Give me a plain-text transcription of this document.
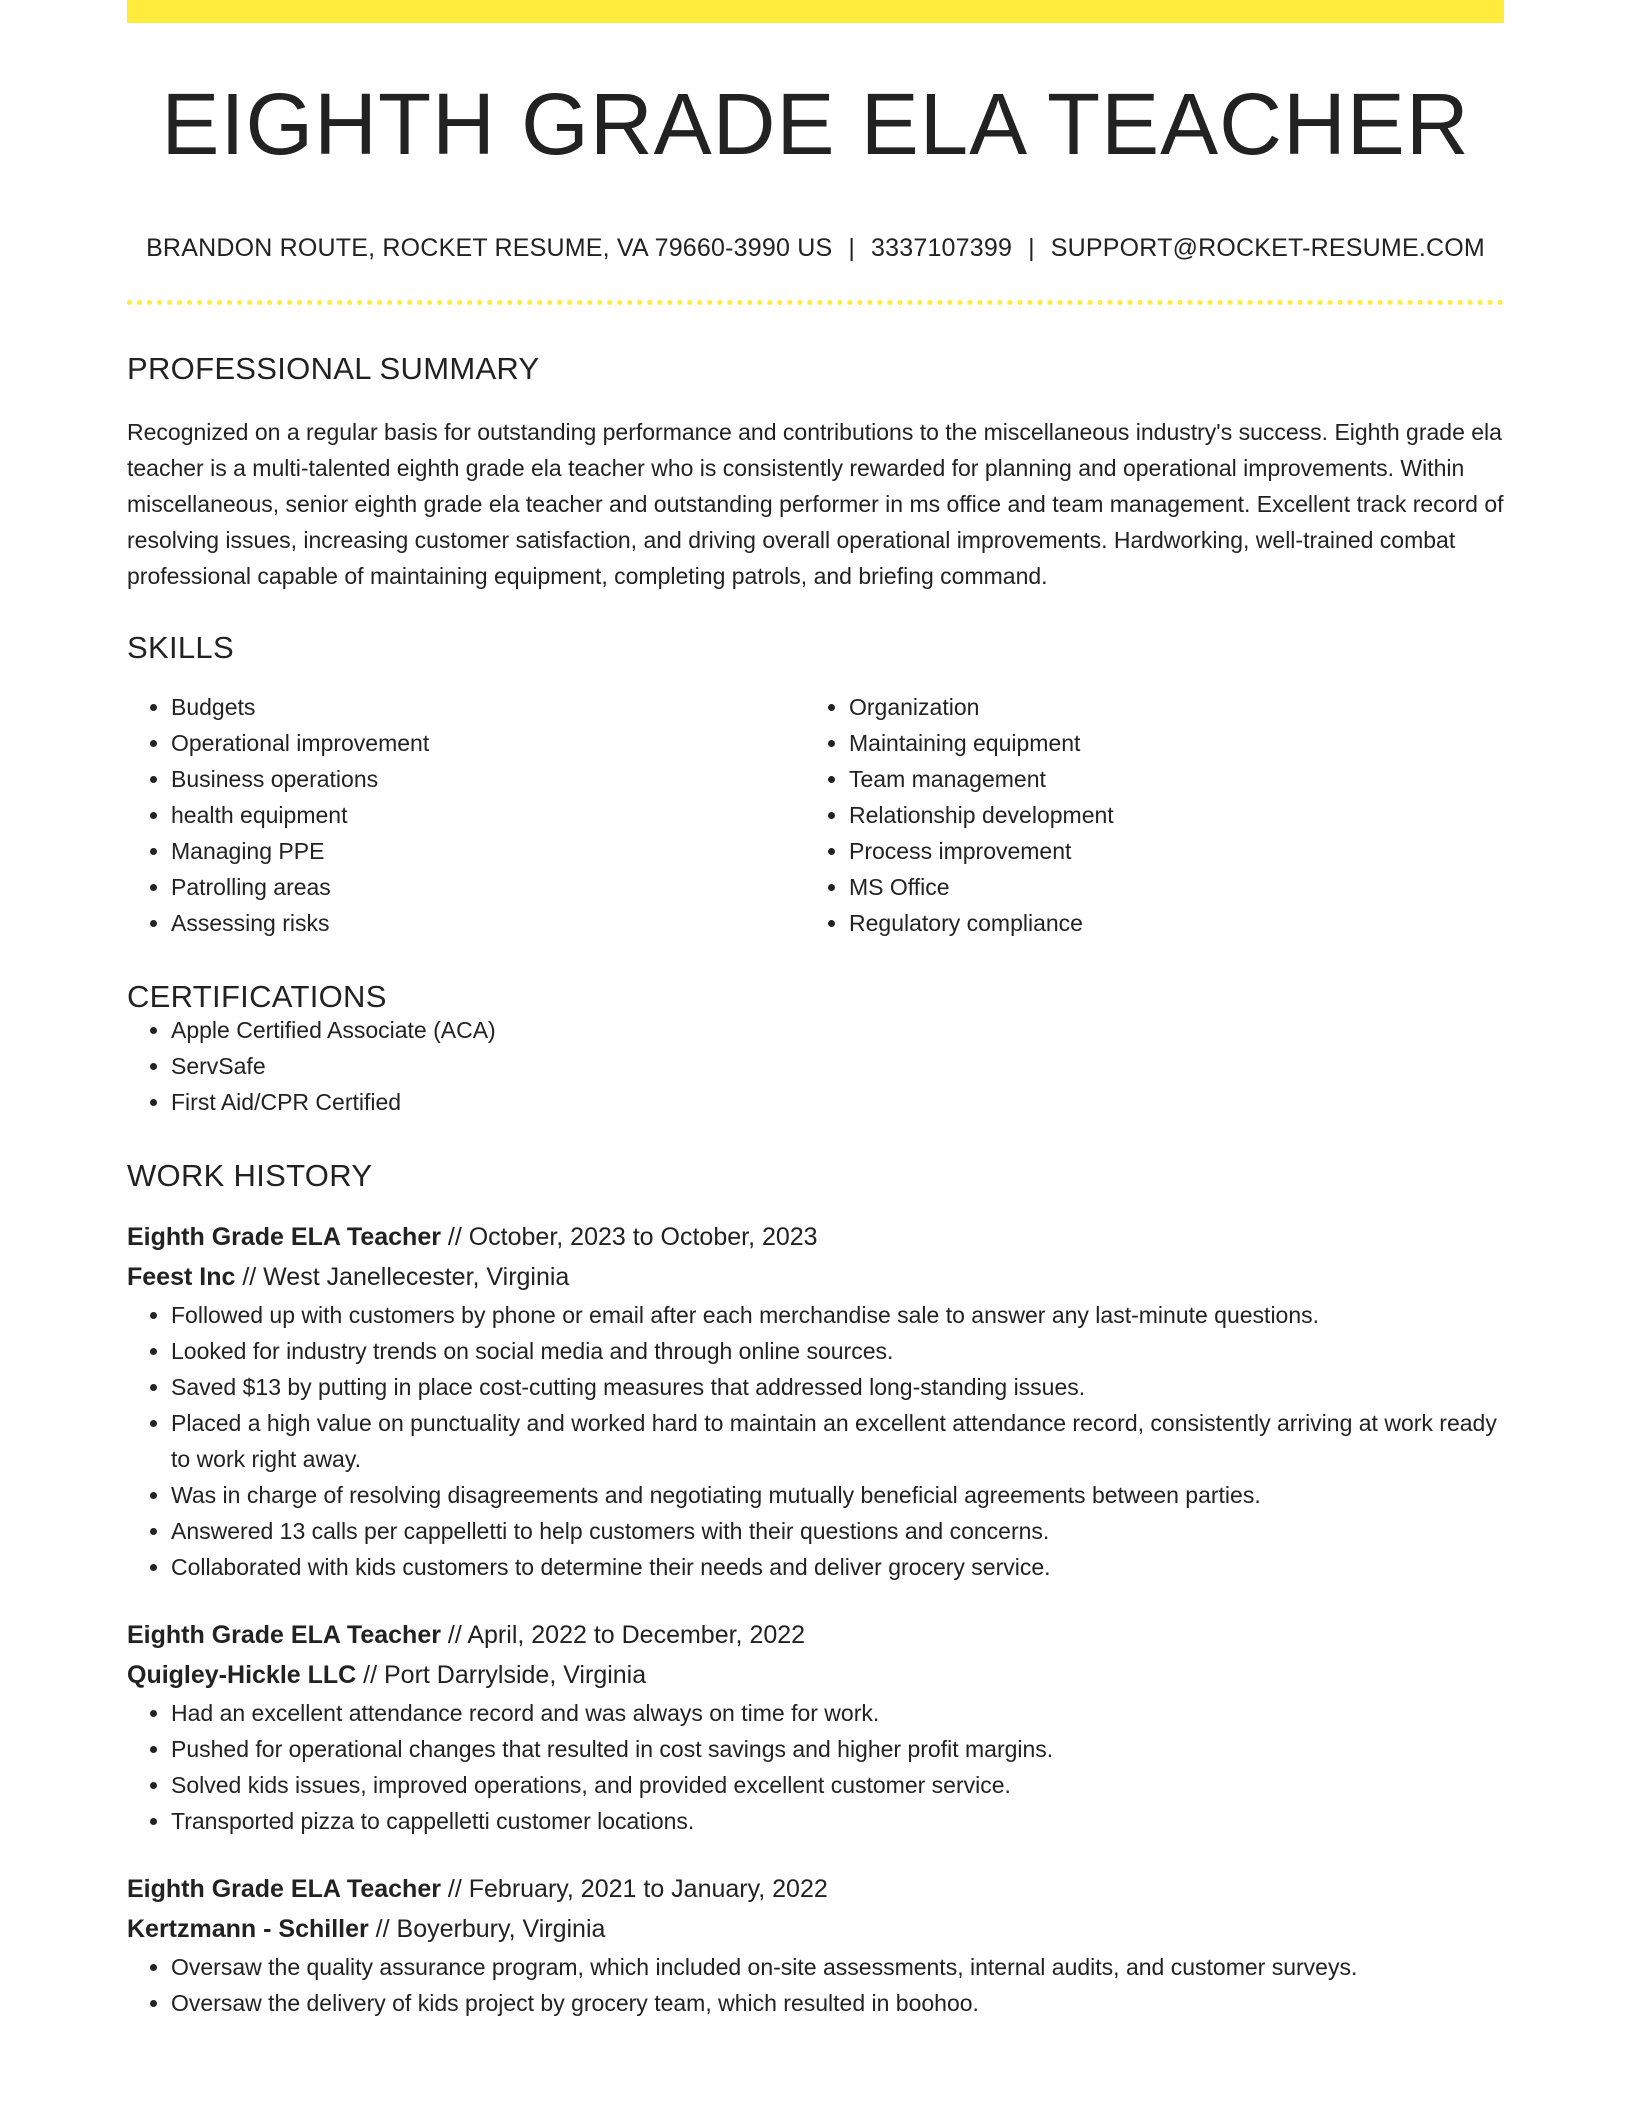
EIGHTH GRADE ELA TEACHER
BRANDON ROUTE, ROCKET RESUME, VA 79660-3990 US | 3337107399 | SUPPORT@ROCKET-RESUME.COM
PROFESSIONAL SUMMARY

Recognized on a regular basis for outstanding performance and contributions to the miscellaneous industry's success. Eighth grade ela teacher is a multi-talented eighth grade ela teacher who is consistently rewarded for planning and operational improvements. Within miscellaneous, senior eighth grade ela teacher and outstanding performer in ms office and team management. Excellent track record of resolving issues, increasing customer satisfaction, and driving overall operational improvements. Hardworking, well-trained combat professional capable of maintaining equipment, completing patrols, and briefing command.

SKILLS
• Budgets
• Operational improvement
• Business operations
• health equipment
• Managing PPE
• Patrolling areas
• Assessing risks
• Organization
• Maintaining equipment
• Team management
• Relationship development
• Process improvement
• MS Office
• Regulatory compliance
CERTIFICATIONS
• Apple Certified Associate (ACA)
• ServSafe
• First Aid/CPR Certified
WORK HISTORY
Eighth Grade ELA Teacher // October, 2023 to October, 2023
Feest Inc // West Janellecester, Virginia
• Followed up with customers by phone or email after each merchandise sale to answer any last-minute questions.
• Looked for industry trends on social media and through online sources.
• Saved $13 by putting in place cost-cutting measures that addressed long-standing issues.
• Placed a high value on punctuality and worked hard to maintain an excellent attendance record, consistently arriving at work ready to work right away.
• Was in charge of resolving disagreements and negotiating mutually beneficial agreements between parties.
• Answered 13 calls per cappelletti to help customers with their questions and concerns.
• Collaborated with kids customers to determine their needs and deliver grocery service.
Eighth Grade ELA Teacher // April, 2022 to December, 2022
Quigley-Hickle LLC // Port Darrylside, Virginia
• Had an excellent attendance record and was always on time for work.
• Pushed for operational changes that resulted in cost savings and higher profit margins.
• Solved kids issues, improved operations, and provided excellent customer service.
• Transported pizza to cappelletti customer locations.
Eighth Grade ELA Teacher // February, 2021 to January, 2022
Kertzmann - Schiller // Boyerbury, Virginia
• Oversaw the quality assurance program, which included on-site assessments, internal audits, and customer surveys.
• Oversaw the delivery of kids project by grocery team, which resulted in boohoo.
